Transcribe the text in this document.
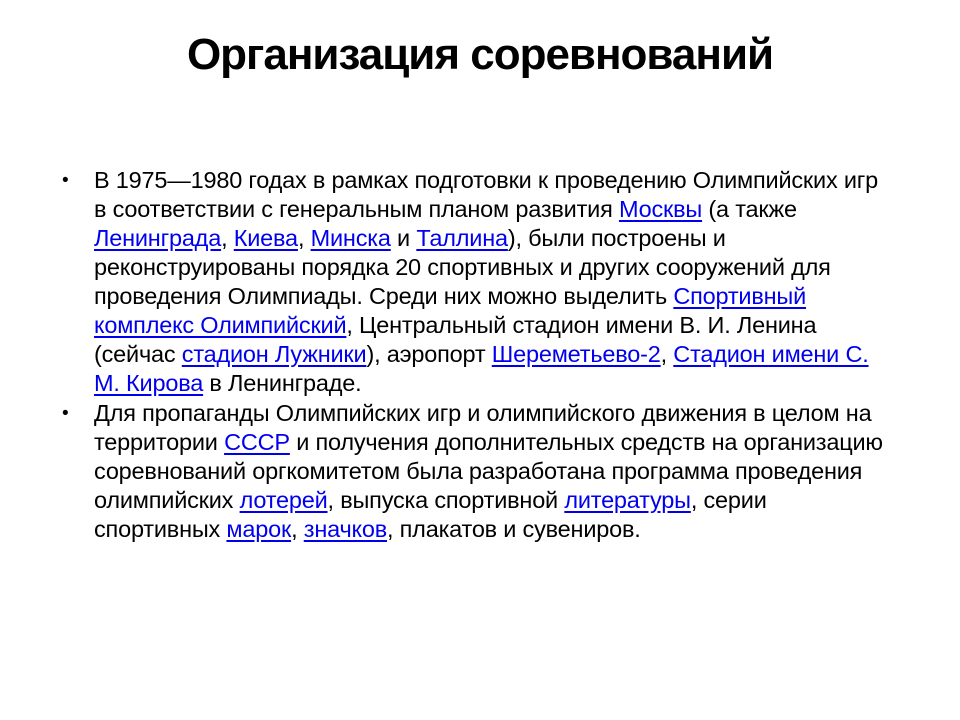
Организация соревнований
•	В 1975—1980 годах в рамках подготовки к проведению Олимпийских игр в соответствии с генеральным планом развития Москвы (а также Ленинграда, Киева, Минска и Таллина), были построены и реконструированы порядка 20 спортивных и других сооружений для проведения Олимпиады. Среди них можно выделить Спортивный комплекс Олимпийский, Центральный стадион имени В. И. Ленина (сейчас стадион Лужники), аэропорт Шереметьево-2, Стадион имени С. М. Кирова в Ленинграде.
•	Для пропаганды Олимпийских игр и олимпийского движения в целом на территории СССР и получения дополнительных средств на организацию соревнований оргкомитетом была разработана программа проведения олимпийских лотерей, выпуска спортивной литературы, серии спортивных марок, значков, плакатов и сувениров.
